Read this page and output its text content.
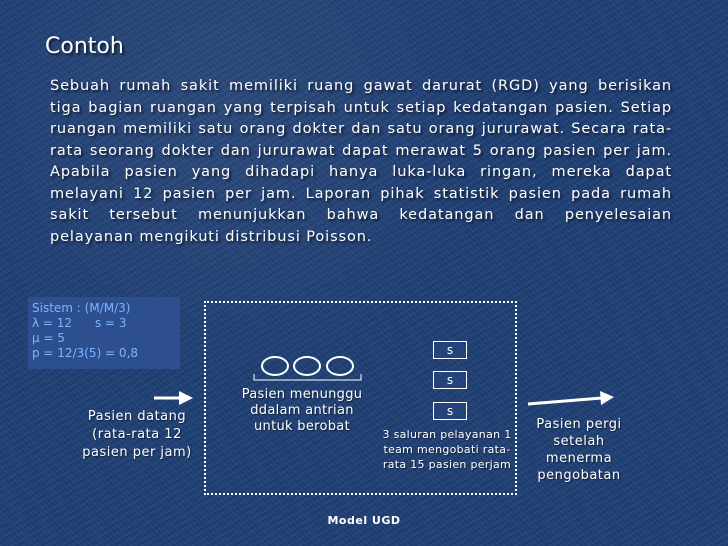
Contoh
Sebuah rumah sakit memiliki ruang gawat darurat (RGD) yang berisikan tiga bagian ruangan yang terpisah untuk setiap kedatangan pasien. Setiap ruangan memiliki satu orang dokter dan satu orang jururawat. Secara rata-rata seorang dokter dan jururawat dapat merawat 5 orang pasien per jam. Apabila pasien yang dihadapi hanya luka-luka ringan, mereka dapat melayani 12 pasien per jam. Laporan pihak statistik pasien pada rumah sakit tersebut menunjukkan bahwa kedatangan dan penyelesaian pelayanan mengikuti distribusi Poisson.
Sistem : (M/M/3)
λ = 12      s = 3
µ = 5
p = 12/3(5) = 0,8	s
s
s
Pasien datang (rata-rata 12 pasien per jam)
Pasien menunggu ddalam antrian untuk berobat
3 saluran pelayanan 1 team mengobati rata-rata 15 pasien perjam
Pasien pergi setelah menerma pengobatan
Model UGD
